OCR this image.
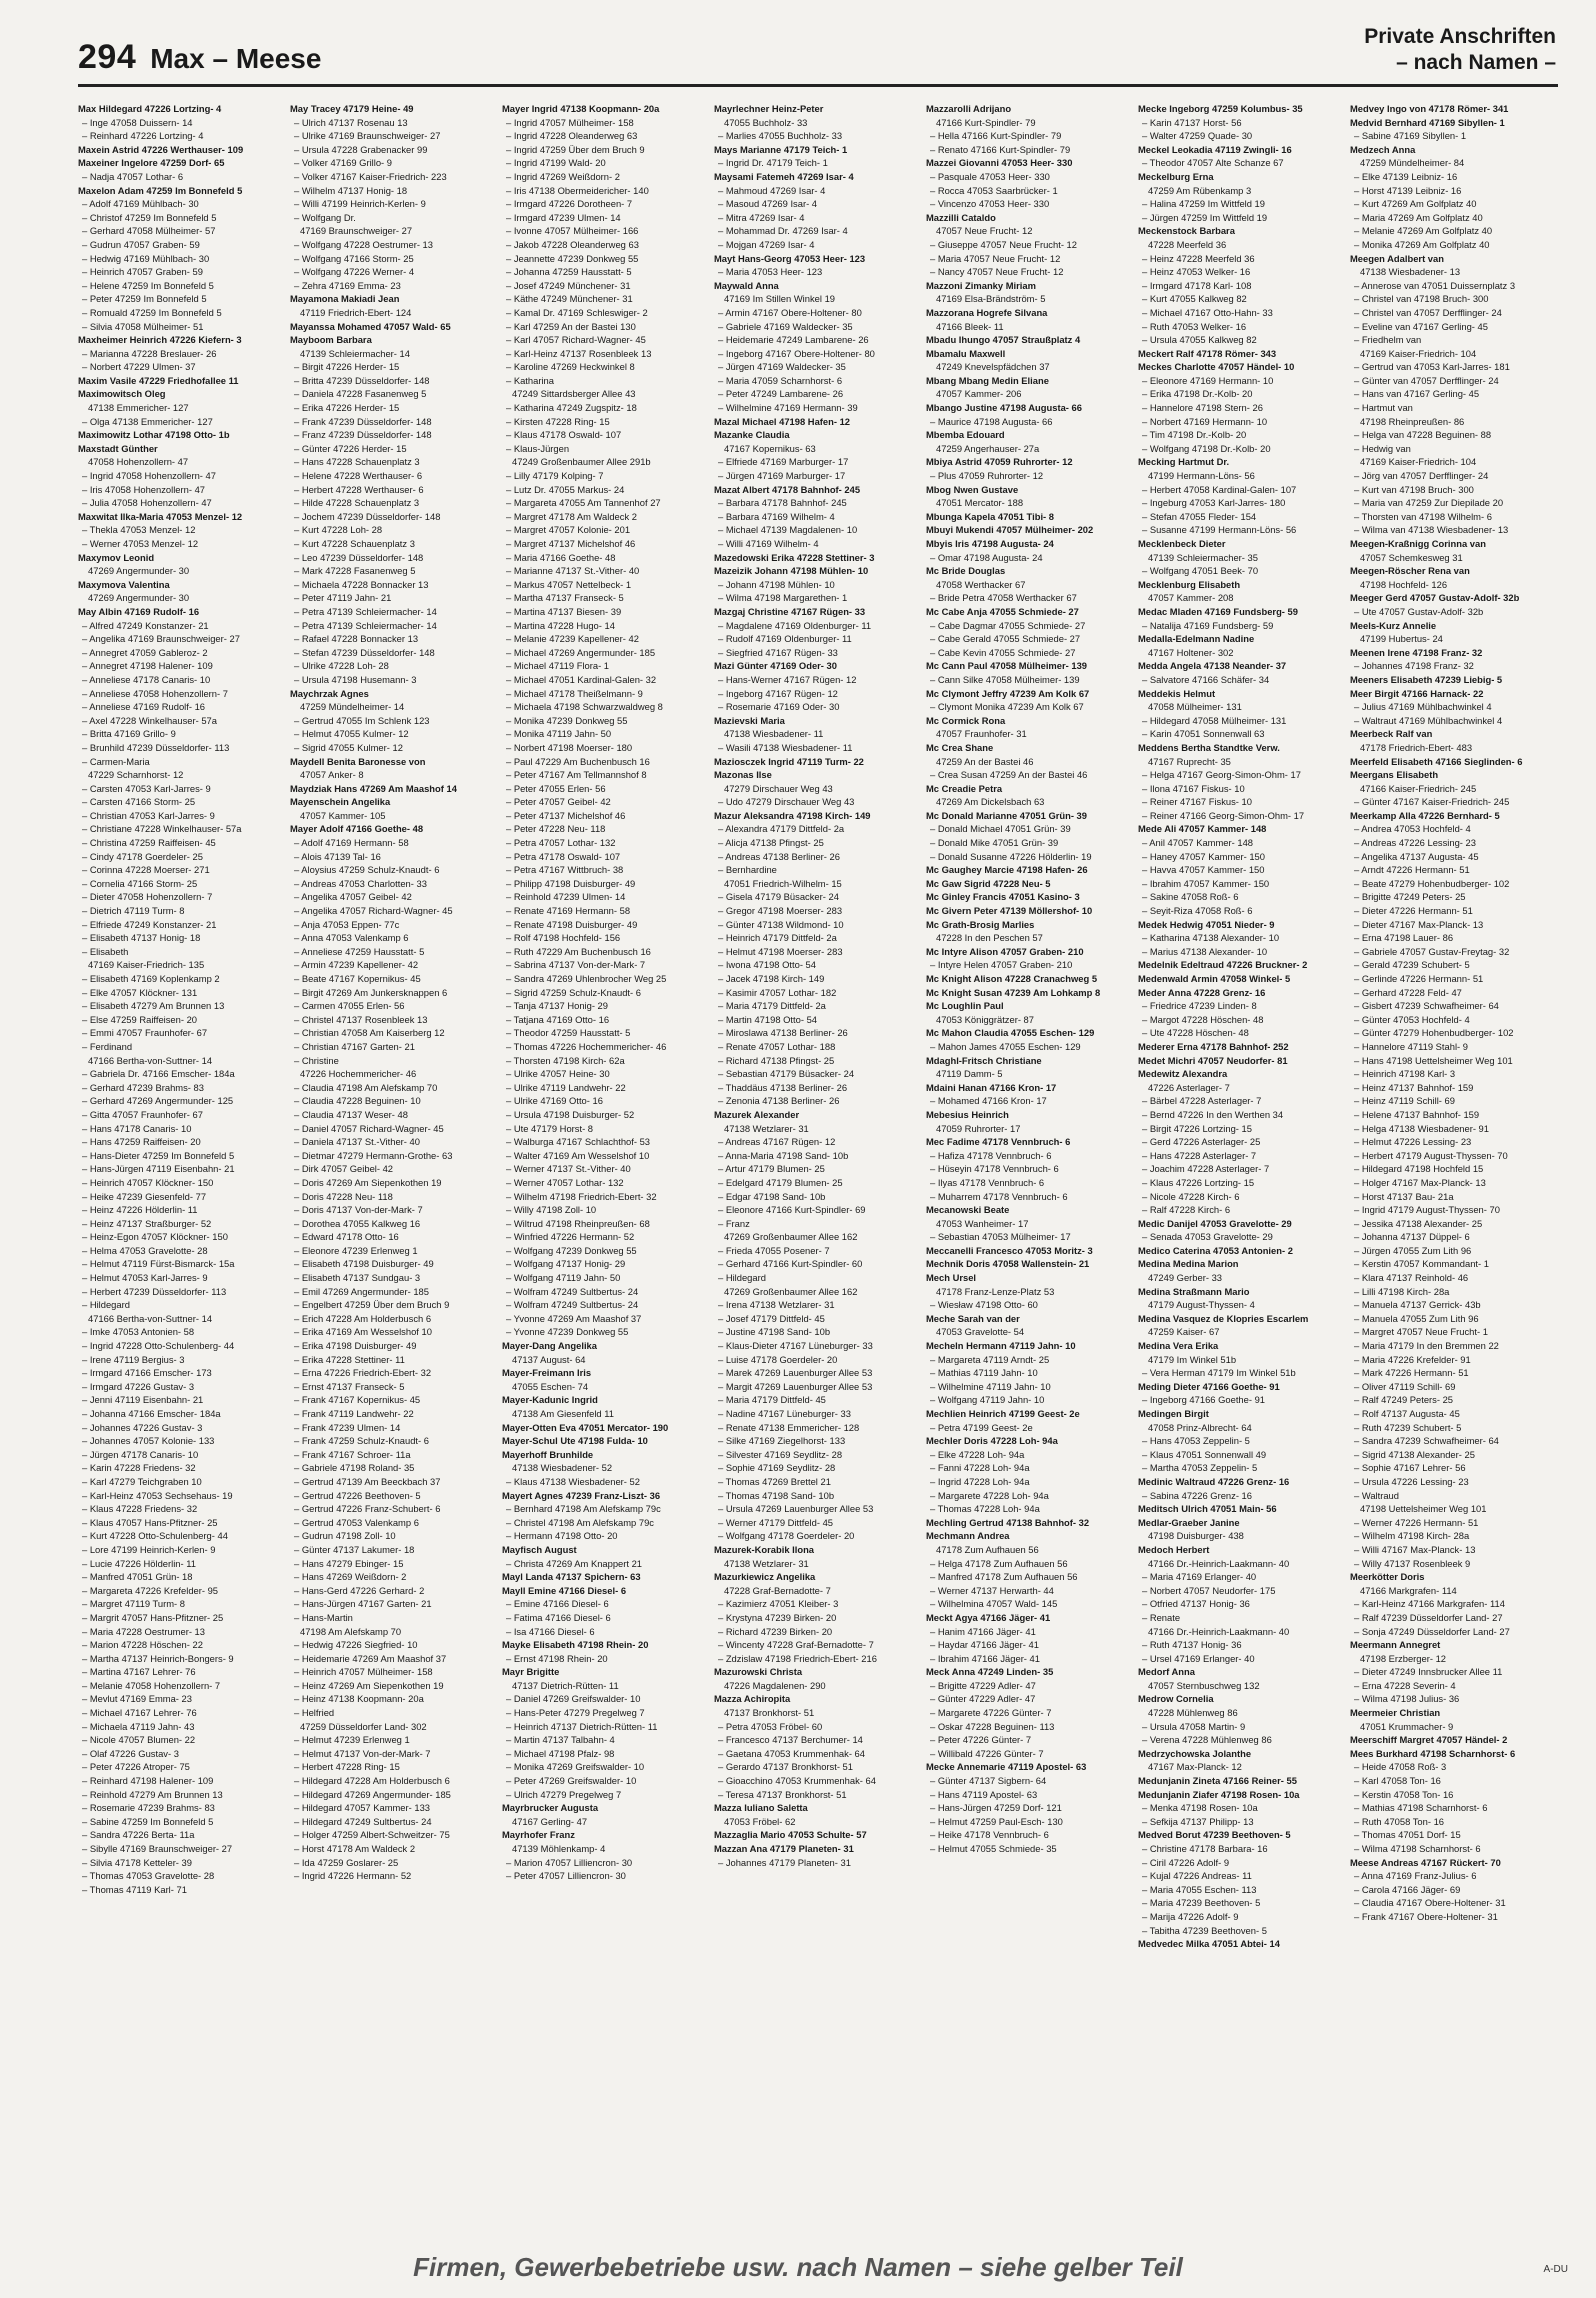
294 Max – Meese
Private Anschriften
– nach Namen –
Max Hildegard 47226 Lortzing- 4
– Inge 47058 Duissern- 14
– Reinhard 47226 Lortzing- 4
Maxein Astrid 47226 Werthauser- 109
Maxeiner Ingelore 47259 Dorf- 65
– Nadja 47057 Lothar- 6
Maxelon Adam 47259 Im Bonnefeld 5
– Adolf 47169 Mühlbach- 30
– Christof 47259 Im Bonnefeld 5
– Gerhard 47058 Mülheimer- 57
– Gudrun 47057 Graben- 59
– Hedwig 47169 Mühlbach- 30
– Heinrich 47057 Graben- 59
– Helene 47259 Im Bonnefeld 5
– Peter 47259 Im Bonnefeld 5
– Romuald 47259 Im Bonnefeld 5
– Silvia 47058 Mülheimer- 51
Maxheimer Heinrich 47226 Kiefern- 3
– Marianna 47228 Breslauer- 26
– Norbert 47229 Ulmen- 37
Maxim Vasile 47229 Friedhofallee 11
Maximowitsch Oleg
47138 Emmericher- 127
– Olga 47138 Emmericher- 127
Maximowitz Lothar 47198 Otto- 1b
Maxstadt Günther
47058 Hohenzollern- 47
– Ingrid 47058 Hohenzollern- 47
– Iris 47058 Hohenzollern- 47
– Julia 47058 Hohenzollern- 47
Maxwitat Ilka-Maria 47053 Menzel- 12
– Thekla 47053 Menzel- 12
– Werner 47053 Menzel- 12
Maxymov Leonid
47269 Angermunder- 30
Maxymova Valentina
47269 Angermunder- 30
May Albin 47169 Rudolf- 16
– Alfred 47249 Konstanzer- 21
– Angelika 47169 Braunschweiger- 27
– Annegret 47059 Gableroz- 2
– Annegret 47198 Halener- 109
– Anneliese 47178 Canaris- 10
– Anneliese 47058 Hohenzollern- 7
– Anneliese 47169 Rudolf- 16
– Axel 47228 Winkelhauser- 57a
– Britta 47169 Grillo- 9
– Brunhild 47239 Düsseldorfer- 113
– Carmen-Maria
47229 Scharnhorst- 12
– Carsten 47053 Karl-Jarres- 9
– Carsten 47166 Storm- 25
– Christian 47053 Karl-Jarres- 9
– Christiane 47228 Winkelhauser- 57a
– Christina 47259 Raiffeisen- 45
– Cindy 47178 Goerdeler- 25
– Corinna 47228 Moerser- 271
– Cornelia 47166 Storm- 25
– Dieter 47058 Hohenzollern- 7
– Dietrich 47119 Turm- 8
– Elfriede 47249 Konstanzer- 21
– Elisabeth 47137 Honig- 18
– Elisabeth
47169 Kaiser-Friedrich- 135
– Elisabeth 47169 Koplenkamp 2
– Elke 47057 Klöckner- 131
– Elisabeth 47279 Am Brunnen 13
– Else 47259 Raiffeisen- 20
– Emmi 47057 Fraunhofer- 67
– Ferdinand
47166 Bertha-von-Suttner- 14
– Gabriela Dr. 47166 Emscher- 184a
– Gerhard 47239 Brahms- 83
– Gerhard 47269 Angermunder- 125
– Gitta 47057 Fraunhofer- 67
– Hans 47178 Canaris- 10
– Hans 47259 Raiffeisen- 20
– Hans-Dieter 47259 Im Bonnefeld 5
– Hans-Jürgen 47119 Eisenbahn- 21
– Heinrich 47057 Klöckner- 150
– Heike 47239 Giesenfeld- 77
– Heinz 47226 Hölderlin- 11
– Heinz 47137 Straßburger- 52
– Heinz-Egon 47057 Klöckner- 150
– Helma 47053 Gravelotte- 28
– Helmut 47119 Fürst-Bismarck- 15a
– Helmut 47053 Karl-Jarres- 9
– Herbert 47239 Düsseldorfer- 113
– Hildegard
47166 Bertha-von-Suttner- 14
– Imke 47053 Antonien- 58
– Ingrid 47228 Otto-Schulenberg- 44
– Irene 47119 Bergius- 3
– Irmgard 47166 Emscher- 173
– Irmgard 47226 Gustav- 3
– Jenni 47119 Eisenbahn- 21
– Johanna 47166 Emscher- 184a
– Johannes 47226 Gustav- 3
– Johannes 47057 Kolonie- 133
– Jürgen 47178 Canaris- 10
– Karin 47228 Friedens- 32
– Karl 47279 Teichgraben 10
– Karl-Heinz 47053 Sechsehaus- 19
– Klaus 47228 Friedens- 32
– Klaus 47057 Hans-Pfitzner- 25
– Kurt 47228 Otto-Schulenberg- 44
– Lore 47199 Heinrich-Kerlen- 9
– Lucie 47226 Hölderlin- 11
– Manfred 47051 Grün- 18
– Margareta 47226 Krefelder- 95
– Margret 47119 Turm- 8
– Margrit 47057 Hans-Pfitzner- 25
– Maria 47228 Oestrumer- 13
– Marion 47228 Höschen- 22
– Martha 47137 Heinrich-Bongers- 9
– Martina 47167 Lehrer- 76
– Melanie 47058 Hohenzollern- 7
– Mevlut 47169 Emma- 23
– Michael 47167 Lehrer- 76
– Michaela 47119 Jahn- 43
– Nicole 47057 Blumen- 22
– Olaf 47226 Gustav- 3
– Peter 47226 Atroper- 75
– Reinhard 47198 Halener- 109
– Reinhold 47279 Am Brunnen 13
– Rosemarie 47239 Brahms- 83
– Sabine 47259 Im Bonnefeld 5
– Sandra 47226 Berta- 11a
– Sibylle 47169 Braunschweiger- 27
– Silvia 47178 Ketteler- 39
– Thomas 47053 Gravelotte- 28
– Thomas 47119 Karl- 71
May Tracey 47179 Heine- 49
– Ulrich 47137 Rosenau 13
– Ulrike 47169 Braunschweiger- 27
– Ursula 47228 Grabenacker 99
– Volker 47169 Grillo- 9
– Volker 47167 Kaiser-Friedrich- 223
– Wilhelm 47137 Honig- 18
– Willi 47199 Heinrich-Kerlen- 9
– Wolfgang Dr.
47169 Braunschweiger- 27
– Wolfgang 47228 Oestrumer- 13
– Wolfgang 47166 Storm- 25
– Wolfgang 47226 Werner- 4
– Zehra 47169 Emma- 23
Mayamona Makiadi Jean
47119 Friedrich-Ebert- 124
Mayanssa Mohamed 47057 Wald- 65
Mayboom Barbara
47139 Schleiermacher- 14
– Birgit 47226 Herder- 15
– Britta 47239 Düsseldorfer- 148
– Daniela 47228 Fasanenweg 5
– Erika 47226 Herder- 15
– Frank 47239 Düsseldorfer- 148
– Franz 47239 Düsseldorfer- 148
– Günter 47226 Herder- 15
– Hans 47228 Schauenplatz 3
– Helene 47228 Werthauser- 6
– Herbert 47228 Werthauser- 6
– Hilde 47228 Schauenplatz 3
– Jochem 47239 Düsseldorfer- 148
– Kurt 47228 Loh- 28
– Kurt 47228 Schauenplatz 3
– Leo 47239 Düsseldorfer- 148
– Mark 47228 Fasanenweg 5
– Michaela 47228 Bonnacker 13
– Peter 47119 Jahn- 21
– Petra 47139 Schleiermacher- 14
– Petra 47139 Schleiermacher- 14
– Rafael 47228 Bonnacker 13
– Stefan 47239 Düsseldorfer- 148
– Ulrike 47228 Loh- 28
– Ursula 47198 Husemann- 3
Maychrzak Agnes
47259 Mündelheimer- 14
– Gertrud 47055 Im Schlenk 123
– Helmut 47055 Kulmer- 12
– Sigrid 47055 Kulmer- 12
Maydell Benita Baronesse von
47057 Anker- 8
Maydziak Hans 47269 Am Maashof 14
Mayenschein Angelika
47057 Kammer- 105
Mayer Adolf 47166 Goethe- 48
– Adolf 47169 Hermann- 58
– Alois 47139 Tal- 16
– Aloysius 47259 Schulz-Knaudt- 6
– Andreas 47053 Charlotten- 33
– Angelika 47057 Geibel- 42
– Angelika 47057 Richard-Wagner- 45
– Anja 47053 Eppen- 77c
– Anna 47053 Valenkamp 6
– Anneliese 47259 Hausstatt- 5
– Armin 47239 Kapellener- 42
– Beate 47167 Kopernikus- 45
– Birgit 47269 Am Junkersknappen 6
– Carmen 47055 Erlen- 56
– Christel 47137 Rosenbleek 13
– Christian 47058 Am Kaiserberg 12
– Christian 47167 Garten- 21
– Christine
47226 Hochemmericher- 46
– Claudia 47198 Am Alefskamp 70
– Claudia 47228 Beguinen- 10
– Claudia 47137 Weser- 48
– Daniel 47057 Richard-Wagner- 45
– Daniela 47137 St.-Vither- 40
– Dietmar 47279 Hermann-Grothe- 63
– Dirk 47057 Geibel- 42
– Doris 47269 Am Siepenkothen 19
– Doris 47228 Neu- 118
– Doris 47137 Von-der-Mark- 7
– Dorothea 47055 Kalkweg 16
– Edward 47178 Otto- 16
– Eleonore 47239 Erlenweg 1
– Elisabeth 47198 Duisburger- 49
– Elisabeth 47137 Sundgau- 3
– Emil 47269 Angermunder- 185
– Engelbert 47259 Über dem Bruch 9
– Erich 47228 Am Holderbusch 6
– Erika 47169 Am Wesselshof 10
– Erika 47198 Duisburger- 49
– Erika 47228 Stettiner- 11
– Erna 47226 Friedrich-Ebert- 32
– Ernst 47137 Franseck- 5
– Frank 47167 Kopernikus- 45
– Frank 47119 Landwehr- 22
– Frank 47239 Ulmen- 14
– Frank 47259 Schulz-Knaudt- 6
– Frank 47167 Schroer- 11a
– Gabriele 47198 Roland- 35
– Gertrud 47139 Am Beeckbach 37
– Gertrud 47226 Beethoven- 5
– Gertrud 47226 Franz-Schubert- 6
– Gertrud 47053 Valenkamp 6
– Gudrun 47198 Zoll- 10
– Günter 47137 Lakumer- 18
– Hans 47279 Ebinger- 15
– Hans 47269 Weißdorn- 2
– Hans-Gerd 47226 Gerhard- 2
– Hans-Jürgen 47167 Garten- 21
– Hans-Martin
47198 Am Alefskamp 70
– Hedwig 47226 Siegfried- 10
– Heidemarie 47269 Am Maashof 37
– Heinrich 47057 Mülheimer- 158
– Heinz 47269 Am Siepenkothen 19
– Heinz 47138 Koopmann- 20a
– Helfried
47259 Düsseldorfer Land- 302
– Helmut 47239 Erlenweg 1
– Helmut 47137 Von-der-Mark- 7
– Herbert 47228 Ring- 15
– Hildegard 47228 Am Holderbusch 6
– Hildegard 47269 Angermunder- 185
– Hildegard 47057 Kammer- 133
– Hildegard 47249 Sultbertus- 24
– Holger 47259 Albert-Schweitzer- 75
– Horst 47178 Am Waldeck 2
– Ida 47259 Goslarer- 25
– Ingrid 47226 Hermann- 52
Mayer Ingrid 47138 Koopmann- 20a
– Ingrid 47057 Mülheimer- 158
– Ingrid 47228 Oleanderweg 63
– Ingrid 47259 Über dem Bruch 9
– Ingrid 47199 Wald- 20
– Ingrid 47269 Weißdorn- 2
– Iris 47138 Obermeidericher- 140
– Irmgard 47226 Dorotheen- 7
– Irmgard 47239 Ulmen- 14
– Ivonne 47057 Mülheimer- 166
– Jakob 47228 Oleanderweg 63
– Jeannette 47239 Donkweg 55
– Johanna 47259 Hausstatt- 5
– Josef 47249 Münchener- 31
– Käthe 47249 Münchener- 31
– Kamal Dr. 47169 Schleswiger- 2
– Karl 47259 An der Bastei 130
– Karl 47057 Richard-Wagner- 45
– Karl-Heinz 47137 Rosenbleek 13
– Karoline 47269 Heckwinkel 8
– Katharina
47249 Sittardsberger Allee 43
– Katharina 47249 Zugspitz- 18
– Kirsten 47228 Ring- 15
– Klaus 47178 Oswald- 107
– Klaus-Jürgen
47249 Großenbaumer Allee 291b
– Lilly 47179 Kolping- 7
– Lutz Dr. 47055 Markus- 24
– Margareta 47055 Am Tannenhof 27
– Margret 47178 Am Waldeck 2
– Margret 47057 Kolonie- 201
– Margret 47137 Michelshof 46
– Maria 47166 Goethe- 48
– Marianne 47137 St.-Vither- 40
– Markus 47057 Nettelbeck- 1
– Martha 47137 Franseck- 5
– Martina 47137 Biesen- 39
– Martina 47228 Hugo- 14
– Melanie 47239 Kapellener- 42
– Michael 47269 Angermunder- 185
– Michael 47119 Flora- 1
– Michael 47051 Kardinal-Galen- 32
– Michael 47178 Theißelmann- 9
– Michaela 47198 Schwarzwaldweg 8
– Monika 47239 Donkweg 55
– Monika 47119 Jahn- 50
– Norbert 47198 Moerser- 180
– Paul 47229 Am Buchenbusch 16
– Peter 47167 Am Tellmannshof 8
– Peter 47055 Erlen- 56
– Peter 47057 Geibel- 42
– Peter 47137 Michelshof 46
– Peter 47228 Neu- 118
– Petra 47057 Lothar- 132
– Petra 47178 Oswald- 107
– Petra 47167 Wittbruch- 38
– Philipp 47198 Duisburger- 49
– Reinhold 47239 Ulmen- 14
– Renate 47169 Hermann- 58
– Renate 47198 Duisburger- 49
– Rolf 47198 Hochfeld- 156
– Ruth 47229 Am Buchenbusch 16
– Sabrina 47137 Von-der-Mark- 7
– Sandra 47269 Uhlenbrocher Weg 25
– Sigrid 47259 Schulz-Knaudt- 6
– Tanja 47137 Honig- 29
– Tatjana 47169 Otto- 16
– Theodor 47259 Hausstatt- 5
– Thomas 47226 Hochemmericher- 46
– Thorsten 47198 Kirch- 62a
– Ulrike 47057 Heine- 30
– Ulrike 47119 Landwehr- 22
– Ulrike 47169 Otto- 16
– Ursula 47198 Duisburger- 52
– Ute 47179 Horst- 8
– Walburga 47167 Schlachthof- 53
– Walter 47169 Am Wesselshof 10
– Werner 47137 St.-Vither- 40
– Werner 47057 Lothar- 132
– Wilhelm 47198 Friedrich-Ebert- 32
– Willy 47198 Zoll- 10
– Wiltrud 47198 Rheinpreußen- 68
– Winfried 47226 Hermann- 52
– Wolfgang 47239 Donkweg 55
– Wolfgang 47137 Honig- 29
– Wolfgang 47119 Jahn- 50
– Wolfram 47249 Sultbertus- 24
– Wolfram 47249 Sultbertus- 24
– Yvonne 47269 Am Maashof 37
– Yvonne 47239 Donkweg 55
Mayer-Dang Angelika
47137 August- 64
Mayer-Freimann Iris
47055 Eschen- 74
Mayer-Kadunic Ingrid
47138 Am Giesenfeld 11
Mayer-Otten Eva 47051 Mercator- 190
Mayer-Schul Ute 47198 Fulda- 10
Mayerhoff Brunhilde
47138 Wiesbadener- 52
– Klaus 47138 Wiesbadener- 52
Mayert Agnes 47239 Franz-Liszt- 36
– Bernhard 47198 Am Alefskamp 79c
– Christel 47198 Am Alefskamp 79c
– Hermann 47198 Otto- 20
Mayfisch August
– Christa 47269 Am Knappert 21
Mayl Landa 47137 Spichern- 63
Mayll Emine 47166 Diesel- 6
– Emine 47166 Diesel- 6
– Fatima 47166 Diesel- 6
– Isa 47166 Diesel- 6
Mayke Elisabeth 47198 Rhein- 20
– Ernst 47198 Rhein- 20
Mayr Brigitte
47137 Dietrich-Rütten- 11
– Daniel 47269 Greifswalder- 10
– Hans-Peter 47279 Pregelweg 7
– Heinrich 47137 Dietrich-Rütten- 11
– Martin 47137 Talbahn- 4
– Michael 47198 Pfalz- 98
– Monika 47269 Greifswalder- 10
– Peter 47269 Greifswalder- 10
– Ulrich 47279 Pregelweg 7
Mayrbrucker Augusta
47167 Gerling- 47
Mayrhofer Franz
47139 Möhlenkamp- 4
– Marion 47057 Lilliencron- 30
– Peter 47057 Lilliencron- 30
Mayrlechner Heinz-Peter
47055 Buchholz- 33
– Marlies 47055 Buchholz- 33
Mays Marianne 47179 Teich- 1
– Ingrid Dr. 47179 Teich- 1
Maysami Fatemeh 47269 Isar- 4
– Mahmoud 47269 Isar- 4
– Masoud 47269 Isar- 4
– Mitra 47269 Isar- 4
– Mohammad Dr. 47269 Isar- 4
– Mojgan 47269 Isar- 4
Mayt Hans-Georg 47053 Heer- 123
– Maria 47053 Heer- 123
Maywald Anna
47169 Im Stillen Winkel 19
– Armin 47167 Obere-Holtener- 80
– Gabriele 47169 Waldecker- 35
– Heidemarie 47249 Lambarene- 26
– Ingeborg 47167 Obere-Holtener- 80
– Jürgen 47169 Waldecker- 35
– Maria 47059 Scharnhorst- 6
– Peter 47249 Lambarene- 26
– Wilhelmine 47169 Hermann- 39
Mazal Michael 47198 Hafen- 12
Mazanke Claudia
47167 Kopernikus- 63
– Elfriede 47169 Marburger- 17
– Jürgen 47169 Marburger- 17
Mazat Albert 47178 Bahnhof- 245
– Barbara 47178 Bahnhof- 245
– Barbara 47169 Wilhelm- 4
– Michael 47139 Magdalenen- 10
– Willi 47169 Wilhelm- 4
Mazedowski Erika 47228 Stettiner- 3
Mazeizik Johann 47198 Mühlen- 10
– Johann 47198 Mühlen- 10
– Wilma 47198 Margarethen- 1
Mazgaj Christine 47167 Rügen- 33
– Magdalene 47169 Oldenburger- 11
– Rudolf 47169 Oldenburger- 11
– Siegfried 47167 Rügen- 33
Mazi Günter 47169 Oder- 30
– Hans-Werner 47167 Rügen- 12
– Ingeborg 47167 Rügen- 12
– Rosemarie 47169 Oder- 30
Mazievski Maria
47138 Wiesbadener- 11
– Wasili 47138 Wiesbadener- 11
Maziosczek Ingrid 47119 Turm- 22
Mazonas Ilse
47279 Dirschauer Weg 43
– Udo 47279 Dirschauer Weg 43
Mazur Aleksandra 47198 Kirch- 149
– Alexandra 47179 Dittfeld- 2a
– Alicja 47138 Pfingst- 25
– Andreas 47138 Berliner- 26
– Bernhardine
47051 Friedrich-Wilhelm- 15
– Gisela 47179 Büsacker- 24
– Gregor 47198 Moerser- 283
– Günter 47138 Wildmond- 10
– Heinrich 47179 Dittfeld- 2a
– Helmut 47198 Moerser- 283
– Iwona 47198 Otto- 54
– Jacek 47198 Kirch- 149
– Kasimir 47057 Lothar- 182
– Maria 47179 Dittfeld- 2a
– Martin 47198 Otto- 54
– Miroslawa 47138 Berliner- 26
– Renate 47057 Lothar- 188
– Richard 47138 Pfingst- 25
– Sebastian 47179 Büsacker- 24
– Thaddäus 47138 Berliner- 26
– Zenonia 47138 Berliner- 26
Mazurek Alexander
47138 Wetzlarer- 31
– Andreas 47167 Rügen- 12
– Anna-Maria 47198 Sand- 10b
– Artur 47179 Blumen- 25
– Edelgard 47179 Blumen- 25
– Edgar 47198 Sand- 10b
– Eleonore 47166 Kurt-Spindler- 69
– Franz
47269 Großenbaumer Allee 162
– Frieda 47055 Posener- 7
– Gerhard 47166 Kurt-Spindler- 60
– Hildegard
47269 Großenbaumer Allee 162
– Irena 47138 Wetzlarer- 31
– Josef 47179 Dittfeld- 45
– Justine 47198 Sand- 10b
– Klaus-Dieter 47167 Lüneburger- 33
– Luise 47178 Goerdeler- 20
– Marek 47269 Lauenburger Allee 53
– Margit 47269 Lauenburger Allee 53
– Maria 47179 Dittfeld- 45
– Nadine 47167 Lüneburger- 33
– Renate 47138 Emmericher- 128
– Silke 47169 Ziegelhorst- 133
– Silvester 47169 Seydlitz- 28
– Sophie 47169 Seydlitz- 28
– Thomas 47269 Brettel 21
– Thomas 47198 Sand- 10b
– Ursula 47269 Lauenburger Allee 53
– Werner 47179 Dittfeld- 45
– Wolfgang 47178 Goerdeler- 20
Mazurek-Korabik Ilona
47138 Wetzlarer- 31
Mazurkiewicz Angelika
47228 Graf-Bernadotte- 7
– Kazimierz 47051 Kleiber- 3
– Krystyna 47239 Birken- 20
– Richard 47239 Birken- 20
– Wincenty 47228 Graf-Bernadotte- 7
– Zdzislaw 47198 Friedrich-Ebert- 216
Mazurowski Christa
47226 Magdalenen- 290
Mazza Achiropita
47137 Bronkhorst- 51
– Petra 47053 Fröbel- 60
– Francesco 47137 Berchumer- 14
– Gaetana 47053 Krummenhak- 64
– Gerardo 47137 Bronkhorst- 51
– Gioacchino 47053 Krummenhak- 64
– Teresa 47137 Bronkhorst- 51
Mazza Iuliano Saletta
47053 Fröbel- 62
Mazzaglia Mario 47053 Schulte- 57
Mazzan Ana 47179 Planeten- 31
– Johannes 47179 Planeten- 31
Mazzarolli Adrijano
47166 Kurt-Spindler- 79
– Hella 47166 Kurt-Spindler- 79
– Renato 47166 Kurt-Spindler- 79
Mazzei Giovanni 47053 Heer- 330
– Pasquale 47053 Heer- 330
– Rocca 47053 Saarbrücker- 1
– Vincenzo 47053 Heer- 330
Mazzilli Cataldo
47057 Neue Frucht- 12
– Giuseppe 47057 Neue Frucht- 12
– Maria 47057 Neue Frucht- 12
– Nancy 47057 Neue Frucht- 12
Mazzoni Zimanky Miriam
47169 Elsa-Brändström- 5
Mazzorana Hogrefe Silvana
47166 Bleek- 11
Mbadu Ihungo 47057 Straußplatz 4
Mbamalu Maxwell
47249 Knevelspfädchen 37
Mbang Mbang Medin Eliane
47057 Kammer- 206
Mbango Justine 47198 Augusta- 66
– Maurice 47198 Augusta- 66
Mbemba Edouard
47259 Angerhauser- 27a
Mbiya Astrid 47059 Ruhrorter- 12
– Plus 47059 Ruhrorter- 12
Mbog Nwen Gustave
47051 Mercator- 188
Mbunga Kapela 47051 Tibi- 8
Mbuyi Mukendi 47057 Mülheimer- 202
Mbyis Iris 47198 Augusta- 24
– Omar 47198 Augusta- 24
Mc Bride Douglas
47058 Werthacker 67
– Bride Petra 47058 Werthacker 67
Mc Cabe Anja 47055 Schmiede- 27
– Cabe Dagmar 47055 Schmiede- 27
– Cabe Gerald 47055 Schmiede- 27
– Cabe Kevin 47055 Schmiede- 27
Mc Cann Paul 47058 Mülheimer- 139
– Cann Silke 47058 Mülheimer- 139
Mc Clymont Jeffry 47239 Am Kolk 67
– Clymont Monika 47239 Am Kolk 67
Mc Cormick Rona
47057 Fraunhofer- 31
Mc Crea Shane
47259 An der Bastei 46
– Crea Susan 47259 An der Bastei 46
Mc Creadie Petra
47269 Am Dickelsbach 63
Mc Donald Marianne 47051 Grün- 39
– Donald Michael 47051 Grün- 39
– Donald Mike 47051 Grün- 39
– Donald Susanne 47226 Hölderlin- 19
Mc Gaughey Marcie 47198 Hafen- 26
Mc Gaw Sigrid 47228 Neu- 5
Mc Ginley Francis 47051 Kasino- 3
Mc Givern Peter 47139 Möllershof- 10
Mc Grath-Brosig Marlies
47228 In den Peschen 57
Mc Intyre Alison 47057 Graben- 210
– Intyre Helen 47057 Graben- 210
Mc Knight Alison 47228 Cranachweg 5
Mc Knight Susan 47239 Am Lohkamp 8
Mc Loughlin Paul
47053 Königgrätzer- 87
Mc Mahon Claudia 47055 Eschen- 129
– Mahon James 47055 Eschen- 129
Mdaghl-Fritsch Christiane
47119 Damm- 5
Mdaini Hanan 47166 Kron- 17
– Mohamed 47166 Kron- 17
Mebesius Heinrich
47059 Ruhrorter- 17
Mec Fadime 47178 Vennbruch- 6
– Hafiza 47178 Vennbruch- 6
– Hüseyin 47178 Vennbruch- 6
– Ilyas 47178 Vennbruch- 6
– Muharrem 47178 Vennbruch- 6
Mecanowski Beate
47053 Wanheimer- 17
– Sebastian 47053 Mülheimer- 17
Meccanelli Francesco 47053 Moritz- 3
Mechnik Doris 47058 Wallenstein- 21
Mech Ursel
47178 Franz-Lenze-Platz 53
– Wiesław 47198 Otto- 60
Meche Sarah van der
47053 Gravelotte- 54
Mecheln Hermann 47119 Jahn- 10
– Margareta 47119 Arndt- 25
– Mathias 47119 Jahn- 10
– Wilhelmine 47119 Jahn- 10
– Wolfgang 47119 Jahn- 10
Mechlien Heinrich 47199 Geest- 2e
– Petra 47199 Geest- 2e
Mechler Doris 47228 Loh- 94a
– Elke 47228 Loh- 94a
– Fanni 47228 Loh- 94a
– Ingrid 47228 Loh- 94a
– Margarete 47228 Loh- 94a
– Thomas 47228 Loh- 94a
Mechling Gertrud 47138 Bahnhof- 32
Mechmann Andrea
47178 Zum Aufhauen 56
– Helga 47178 Zum Aufhauen 56
– Manfred 47178 Zum Aufhauen 56
– Werner 47137 Herwarth- 44
– Wilhelmina 47057 Wald- 145
Meckt Agya 47166 Jäger- 41
– Hanim 47166 Jäger- 41
– Haydar 47166 Jäger- 41
– Ibrahim 47166 Jäger- 41
Meck Anna 47249 Linden- 35
– Brigitte 47229 Adler- 47
– Günter 47229 Adler- 47
– Margarete 47226 Günter- 7
– Oskar 47228 Beguinen- 113
– Peter 47226 Günter- 7
– Willibald 47226 Günter- 7
Mecke Annemarie 47119 Apostel- 63
– Günter 47137 Sigbern- 64
– Hans 47119 Apostel- 63
– Hans-Jürgen 47259 Dorf- 121
– Helmut 47259 Paul-Esch- 130
– Heike 47178 Vennbruch- 6
– Helmut 47055 Schmiede- 35
Mecke Ingeborg 47259 Kolumbus- 35
– Karin 47137 Horst- 56
– Walter 47259 Quade- 30
Meckel Leokadia 47119 Zwingli- 16
– Theodor 47057 Alte Schanze 67
Meckelburg Erna
47259 Am Rübenkamp 3
– Halina 47259 Im Wittfeld 19
– Jürgen 47259 Im Wittfeld 19
Meckenstock Barbara
47228 Meerfeld 36
– Heinz 47228 Meerfeld 36
– Heinz 47053 Welker- 16
– Irmgard 47178 Karl- 108
– Kurt 47055 Kalkweg 82
– Michael 47167 Otto-Hahn- 33
– Ruth 47053 Welker- 16
– Ursula 47055 Kalkweg 82
Meckert Ralf 47178 Römer- 343
Meckes Charlotte 47057 Händel- 10
– Eleonore 47169 Hermann- 10
– Erika 47198 Dr.-Kolb- 20
– Hannelore 47198 Stern- 26
– Norbert 47169 Hermann- 10
– Tim 47198 Dr.-Kolb- 20
– Wolfgang 47198 Dr.-Kolb- 20
Mecking Hartmut Dr.
47199 Hermann-Löns- 56
– Herbert 47058 Kardinal-Galen- 107
– Ingeburg 47053 Karl-Jarres- 180
– Stefan 47055 Fleder- 154
– Susanne 47199 Hermann-Löns- 56
Mecklenbeck Dieter
47139 Schleiermacher- 35
– Wolfgang 47051 Beek- 70
Mecklenburg Elisabeth
47057 Kammer- 208
Medac Mladen 47169 Fundsberg- 59
– Natalija 47169 Fundsberg- 59
Medalla-Edelmann Nadine
47167 Holtener- 302
Medda Angela 47138 Neander- 37
– Salvatore 47166 Schäfer- 34
Meddekis Helmut
47058 Mülheimer- 131
– Hildegard 47058 Mülheimer- 131
– Karin 47051 Sonnenwall 63
Meddens Bertha Standtke Verw.
47167 Ruprecht- 35
– Helga 47167 Georg-Simon-Ohm- 17
– Ilona 47167 Fiskus- 10
– Reiner 47167 Fiskus- 10
– Reiner 47166 Georg-Simon-Ohm- 17
Mede Ali 47057 Kammer- 148
– Anil 47057 Kammer- 148
– Haney 47057 Kammer- 150
– Havva 47057 Kammer- 150
– Ibrahim 47057 Kammer- 150
– Sakine 47058 Roß- 6
– Seyit-Riza 47058 Roß- 6
Medek Hedwig 47051 Nieder- 9
– Katharina 47138 Alexander- 10
– Marius 47138 Alexander- 10
Medelnik Edeltraud 47226 Bruckner- 2
Medenwald Armin 47058 Winkel- 5
Meder Anna 47228 Grenz- 16
– Friedrice 47239 Linden- 8
– Margot 47228 Höschen- 48
– Ute 47228 Höschen- 48
Mederer Erna 47178 Bahnhof- 252
Medet Michri 47057 Neudorfer- 81
Medewitz Alexandra
47226 Asterlager- 7
– Bärbel 47228 Asterlager- 7
– Bernd 47226 In den Werthen 34
– Birgit 47226 Lortzing- 15
– Gerd 47226 Asterlager- 25
– Hans 47228 Asterlager- 7
– Joachim 47228 Asterlager- 7
– Klaus 47226 Lortzing- 15
– Nicole 47228 Kirch- 6
– Ralf 47228 Kirch- 6
Medic Danijel 47053 Gravelotte- 29
– Senada 47053 Gravelotte- 29
Medico Caterina 47053 Antonien- 2
Medina Medina Marion
47249 Gerber- 33
Medina Straßmann Mario
47179 August-Thyssen- 4
Medina Vasquez de Klopries Escarlem
47259 Kaiser- 67
Medina Vera Erika
47179 Im Winkel 51b
– Vera Herman 47179 Im Winkel 51b
Meding Dieter 47166 Goethe- 91
– Ingeborg 47166 Goethe- 91
Medingen Birgit
47058 Prinz-Albrecht- 64
– Hans 47053 Zeppelin- 5
– Klaus 47051 Sonnenwall 49
– Martha 47053 Zeppelin- 5
Medinic Waltraud 47226 Grenz- 16
– Sabina 47226 Grenz- 16
Meditsch Ulrich 47051 Main- 56
Medlar-Graeber Janine
47198 Duisburger- 438
Medoch Herbert
47166 Dr.-Heinrich-Laakmann- 40
– Maria 47169 Erlanger- 40
– Norbert 47057 Neudorfer- 175
– Otfried 47137 Honig- 36
– Renate
47166 Dr.-Heinrich-Laakmann- 40
– Ruth 47137 Honig- 36
– Ursel 47169 Erlanger- 40
Medorf Anna
47057 Sternbuschweg 132
Medrow Cornelia
47228 Mühlenweg 86
– Ursula 47058 Martin- 9
– Verena 47228 Mühlenweg 86
Medrzychowska Jolanthe
47167 Max-Planck- 12
Medunjanin Zineta 47166 Reiner- 55
Medunjanin Ziafer 47198 Rosen- 10a
– Menka 47198 Rosen- 10a
– Sefkija 47137 Philipp- 13
Medved Borut 47239 Beethoven- 5
– Christine 47178 Barbara- 16
– Ciril 47226 Adolf- 9
– Kujal 47226 Andreas- 11
– Maria 47055 Eschen- 113
– Maria 47239 Beethoven- 5
– Marija 47226 Adolf- 9
– Tabitha 47239 Beethoven- 5
Medvedec Milka 47051 Abtei- 14
Medvey Ingo von 47178 Römer- 341
Medvid Bernhard 47169 Sibyllen- 1
– Sabine 47169 Sibyllen- 1
Medzech Anna
47259 Mündelheimer- 84
– Elke 47139 Leibniz- 16
– Horst 47139 Leibniz- 16
– Kurt 47269 Am Golfplatz 40
– Maria 47269 Am Golfplatz 40
– Melanie 47269 Am Golfplatz 40
– Monika 47269 Am Golfplatz 40
Meegen Adalbert van
47138 Wiesbadener- 13
– Annerose van 47051 Duissernplatz 3
– Christel van 47198 Bruch- 300
– Christel van 47057 Derfflinger- 24
– Eveline van 47167 Gerling- 45
– Friedhelm van
47169 Kaiser-Friedrich- 104
– Gertrud van 47053 Karl-Jarres- 181
– Günter van 47057 Derfflinger- 24
– Hans van 47167 Gerling- 45
– Hartmut van
47198 Rheinpreußen- 86
– Helga van 47228 Beguinen- 88
– Hedwig van
47169 Kaiser-Friedrich- 104
– Jörg van 47057 Derfflinger- 24
– Kurt van 47198 Bruch- 300
– Maria van 47259 Zur Diepilade 20
– Thorsten van 47198 Wilhelm- 6
– Wilma van 47138 Wiesbadener- 13
Meegen-Kraßnigg Corinna van
47057 Schemkesweg 31
Meegen-Röscher Rena van
47198 Hochfeld- 126
Meeger Gerd 47057 Gustav-Adolf- 32b
– Ute 47057 Gustav-Adolf- 32b
Meels-Kurz Annelie
47199 Hubertus- 24
Meenen Irene 47198 Franz- 32
– Johannes 47198 Franz- 32
Meeners Elisabeth 47239 Liebig- 5
Meer Birgit 47166 Harnack- 22
– Julius 47169 Mühlbachwinkel 4
– Waltraut 47169 Mühlbachwinkel 4
Meerbeck Ralf van
47178 Friedrich-Ebert- 483
Meerfeld Elisabeth 47166 Sieglinden- 6
Meergans Elisabeth
47166 Kaiser-Friedrich- 245
– Günter 47167 Kaiser-Friedrich- 245
Meerkamp Alla 47226 Bernhard- 5
– Andrea 47053 Hochfeld- 4
– Andreas 47226 Lessing- 23
– Angelika 47137 Augusta- 45
– Arndt 47226 Hermann- 51
– Beate 47279 Hohenbudberger- 102
– Brigitte 47249 Peters- 25
– Dieter 47226 Hermann- 51
– Dieter 47167 Max-Planck- 13
– Erna 47198 Lauer- 86
– Gabriele 47057 Gustav-Freytag- 32
– Gerald 47239 Schubert- 5
– Gerlinde 47226 Hermann- 51
– Gerhard 47228 Feld- 47
– Gisbert 47239 Schwafheimer- 64
– Günter 47053 Hochfeld- 4
– Günter 47279 Hohenbudberger- 102
– Hannelore 47119 Stahl- 9
– Hans 47198 Uettelsheimer Weg 101
– Heinrich 47198 Karl- 3
– Heinz 47137 Bahnhof- 159
– Heinz 47119 Schill- 69
– Helene 47137 Bahnhof- 159
– Helga 47138 Wiesbadener- 91
– Helmut 47226 Lessing- 23
– Herbert 47179 August-Thyssen- 70
– Hildegard 47198 Hochfeld 15
– Holger 47167 Max-Planck- 13
– Horst 47137 Bau- 21a
– Ingrid 47179 August-Thyssen- 70
– Jessika 47138 Alexander- 25
– Johanna 47137 Düppel- 6
– Jürgen 47055 Zum Lith 96
– Kerstin 47057 Kommandant- 1
– Klara 47137 Reinhold- 46
– Lilli 47198 Kirch- 28a
– Manuela 47137 Gerrick- 43b
– Manuela 47055 Zum Lith 96
– Margret 47057 Neue Frucht- 1
– Maria 47179 In den Bremmen 22
– Maria 47226 Krefelder- 91
– Mark 47226 Hermann- 51
– Oliver 47119 Schill- 69
– Ralf 47249 Peters- 25
– Rolf 47137 Augusta- 45
– Ruth 47239 Schubert- 5
– Sandra 47239 Schwafheimer- 64
– Sigrid 47138 Alexander- 25
– Sophie 47167 Lehrer- 56
– Ursula 47226 Lessing- 23
– Waltraud
47198 Uettelsheimer Weg 101
– Werner 47226 Hermann- 51
– Wilhelm 47198 Kirch- 28a
– Willi 47167 Max-Planck- 13
– Willy 47137 Rosenbleek 9
Meerkötter Doris
47166 Markgrafen- 114
– Karl-Heinz 47166 Markgrafen- 114
– Ralf 47239 Düsseldorfer Land- 27
– Sonja 47249 Düsseldorfer Land- 27
Meermann Annegret
47198 Erzberger- 12
– Dieter 47249 Innsbrucker Allee 11
– Erna 47228 Severin- 4
– Wilma 47198 Julius- 36
Meermeier Christian
47051 Krummacher- 9
Meerschiff Margret 47057 Händel- 2
Mees Burkhard 47198 Scharnhorst- 6
– Heide 47058 Roß- 3
– Karl 47058 Ton- 16
– Kerstin 47058 Ton- 16
– Mathias 47198 Scharnhorst- 6
– Ruth 47058 Ton- 16
– Thomas 47051 Dorf- 15
– Wilma 47198 Scharnhorst- 6
Meese Andreas 47167 Rückert- 70
– Anna 47169 Franz-Julius- 6
– Carola 47166 Jäger- 69
– Claudia 47167 Obere-Holtener- 31
– Frank 47167 Obere-Holtener- 31
Firmen, Gewerbebetriebe usw. nach Namen – siehe gelber Teil	A-DU
